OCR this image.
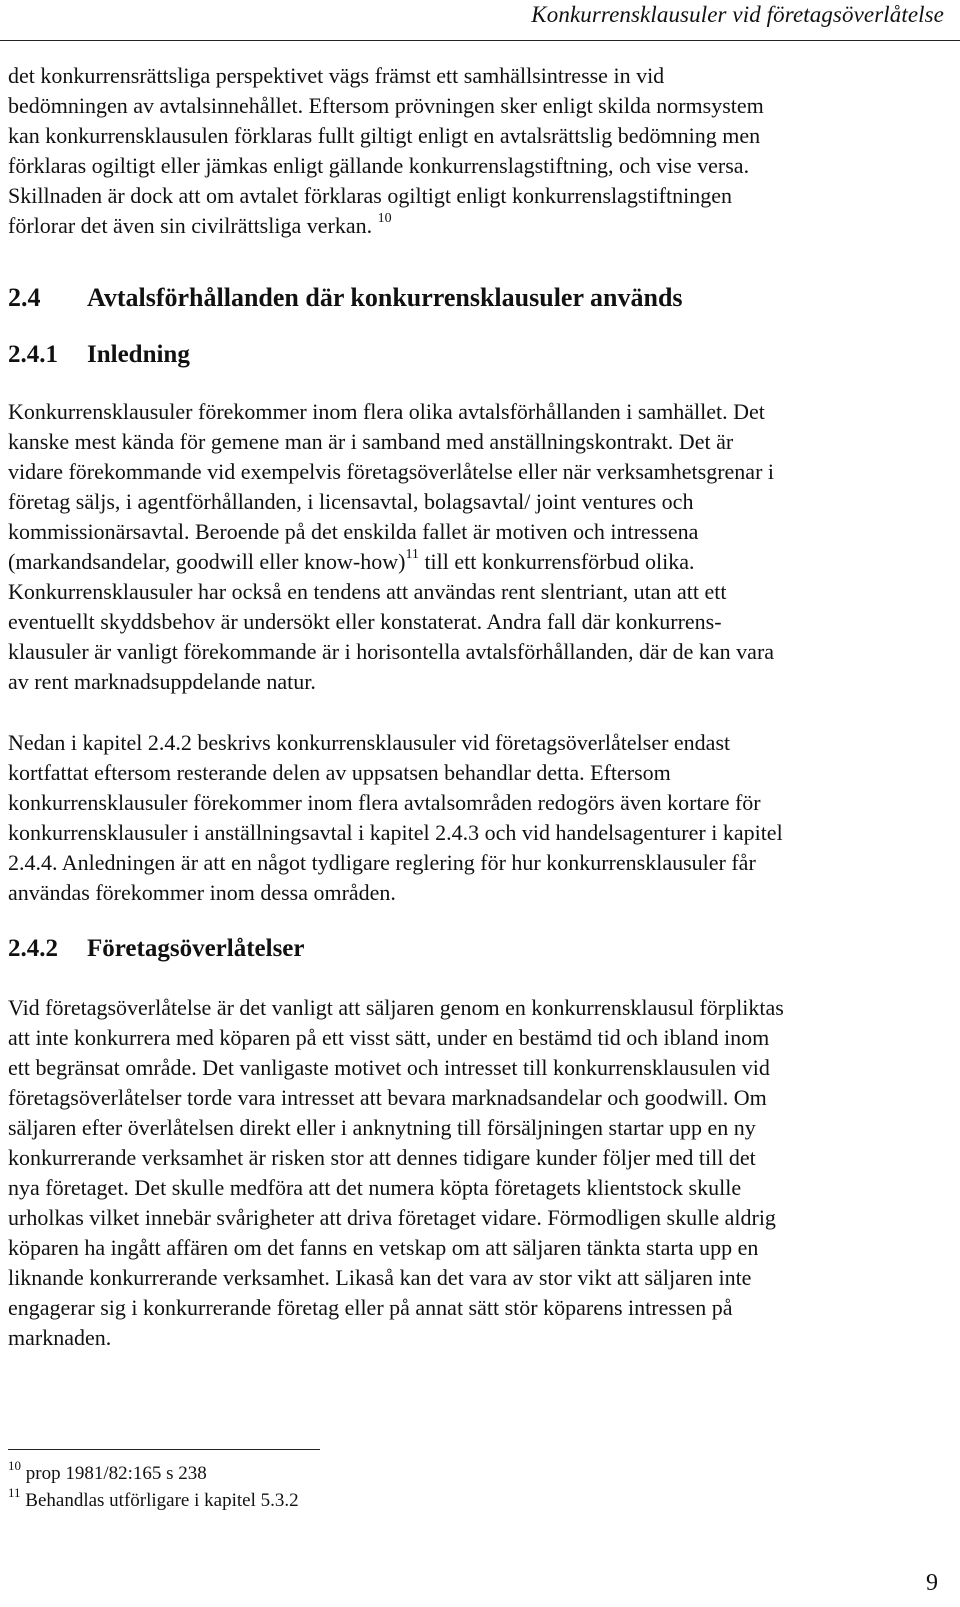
Konkurrensklausuler vid företagsöverlåtelse

det konkurrensrättsliga perspektivet vägs främst ett samhällsintresse in vid
bedömningen av avtalsinnehållet. Eftersom prövningen sker enligt skilda normsystem
kan konkurrensklausulen förklaras fullt giltigt enligt en avtalsrättslig bedömning men
förklaras ogiltigt eller jämkas enligt gällande konkurrenslagstiftning, och vise versa.
Skillnaden är dock att om avtalet förklaras ogiltigt enligt konkurrenslagstiftningen
förlorar det även sin civilrättsliga verkan. $^{10}$

2.4 Avtalsförhållanden där konkurrensklausuler används
2.4.1 Inledning

Konkurrensklausuler förekommer inom flera olika avtalsförhållanden i samhället. Det
kanske mest kända för gemene man är i samband med anställningskontrakt. Det är
vidare förekommande vid exempelvis företagsöverlåtelse eller när verksamhetsgrenar i
företag säljs, i agentförhållanden, i licensavtal, bolagsavtal/ joint ventures och
kommissionärsavtal. Beroende på det enskilda fallet är motiven och intressena
(markandsandelar, goodwill eller know-how)$^{11}$ till ett konkurrensförbud olika.
Konkurrensklausuler har också en tendens att användas rent slentriant, utan att ett
eventuellt skyddsbehov är undersökt eller konstaterat. Andra fall där konkurrens-
klausuler är vanligt förekommande är i horisontella avtalsförhållanden, där de kan vara
av rent marknadsuppdelande natur.

Nedan i kapitel 2.4.2 beskrivs konkurrensklausuler vid företagsöverlåtelser endast
kortfattat eftersom resterande delen av uppsatsen behandlar detta. Eftersom
konkurrensklausuler förekommer inom flera avtalsområden redogörs även kortare för
konkurrensklausuler i anställningsavtal i kapitel 2.4.3 och vid handelsagenturer i kapitel
2.4.4. Anledningen är att en något tydligare reglering för hur konkurrensklausuler får
användas förekommer inom dessa områden.

2.4.2 Företagsöverlåtelser

Vid företagsöverlåtelse är det vanligt att säljaren genom en konkurrensklausul förpliktas
att inte konkurrera med köparen på ett visst sätt, under en bestämd tid och ibland inom
ett begränsat område. Det vanligaste motivet och intresset till konkurrensklausulen vid
företagsöverlåtelser torde vara intresset att bevara marknadsandelar och goodwill. Om
säljaren efter överlåtelsen direkt eller i anknytning till försäljningen startar upp en ny
konkurrerande verksamhet är risken stor att dennes tidigare kunder följer med till det
nya företaget. Det skulle medföra att det numera köpta företagets klientstock skulle
urholkas vilket innebär svårigheter att driva företaget vidare. Förmodligen skulle aldrig
köparen ha ingått affären om det fanns en vetskap om att säljaren tänkta starta upp en
liknande konkurrerande verksamhet. Likaså kan det vara av stor vikt att säljaren inte
engagerar sig i konkurrerande företag eller på annat sätt stör köparens intressen på
marknaden.

$^{10}$ prop 1981/82:165 s 238
$^{11}$ Behandlas utförligare i kapitel 5.3.2
9
